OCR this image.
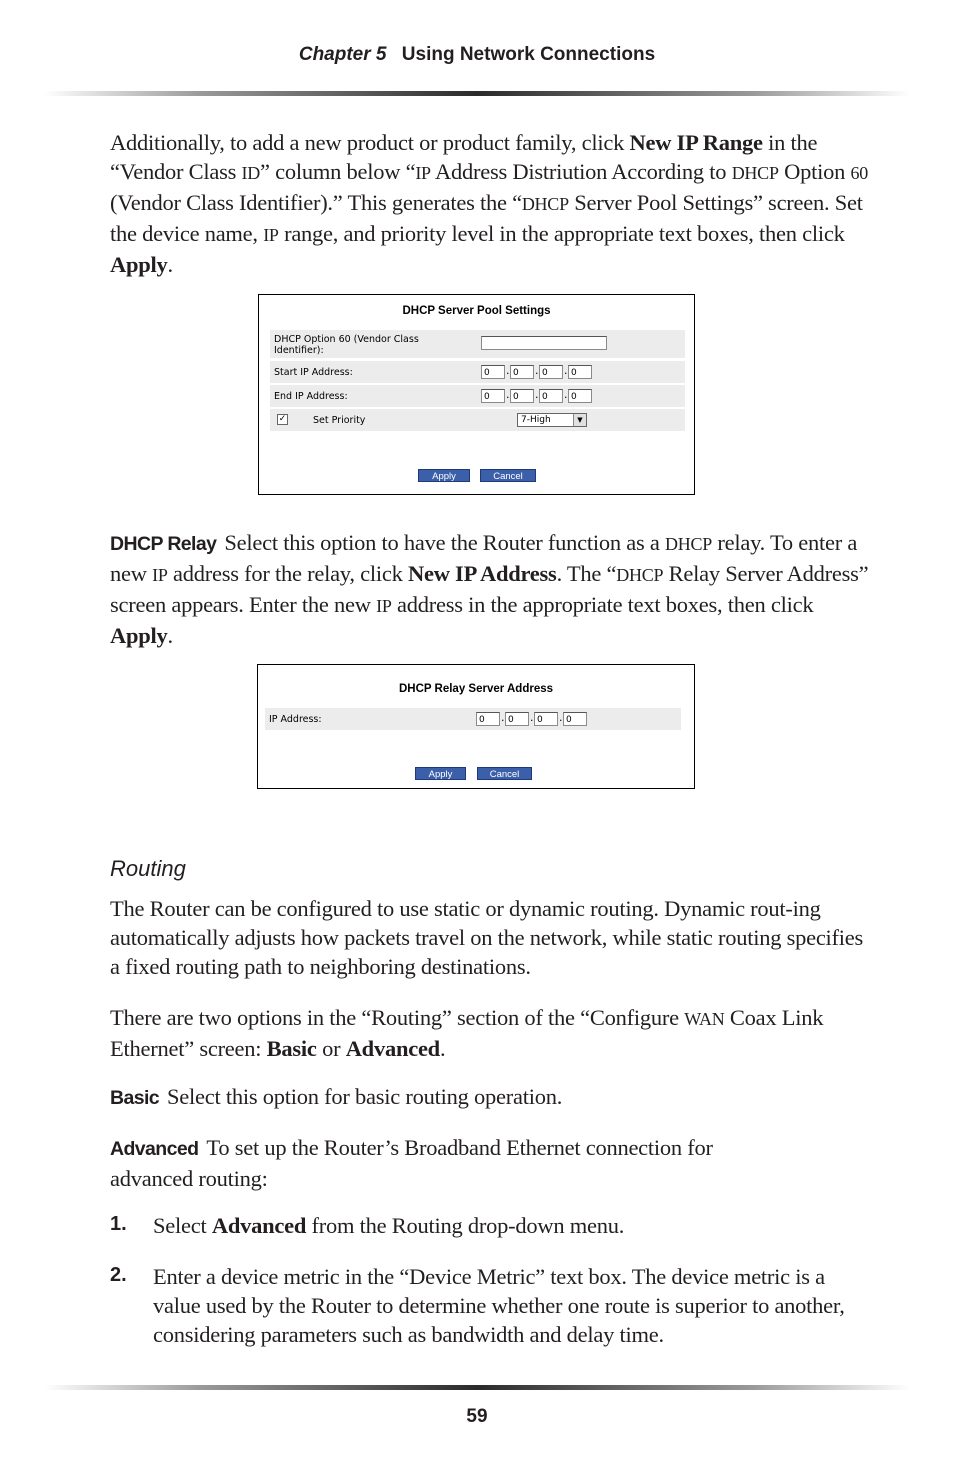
Chapter 5 Using Network Connections
Additionally, to add a new product or product family, click New IP Range in the “Vendor Class ID” column below “IP Address Distriution According to DHCP Option 60 (Vendor Class Identifier).” This generates the “DHCP Server Pool Settings” screen. Set the device name, IP range, and priority level in the appropriate text boxes, then click Apply.
DHCP Server Pool Settings
DHCP Option 60 (Vendor Class Identifier):
Start IP Address:	0	. 0	. 0	. 0
End IP Address:	0	. 0	. 0	. 0
✓	Set Priority	7-High	▼
Apply	Cancel
DHCP Relay Select this option to have the Router function as a DHCP relay. To enter a new IP address for the relay, click New IP Address. The “DHCP Relay Server Address” screen appears. Enter the new IP address in the appropriate text boxes, then click Apply.
DHCP Relay Server Address
IP Address:	0	. 0	. 0	. 0
Apply	Cancel
Routing
The Router can be configured to use static or dynamic routing. Dynamic rout-ing automatically adjusts how packets travel on the network, while static routing specifies a fixed routing path to neighboring destinations.
There are two options in the “Routing” section of the “Configure WAN Coax Link Ethernet” screen: Basic or Advanced.
Basic Select this option for basic routing operation.
Advanced To set up the Router’s Broadband Ethernet connection for advanced routing:
1. Select Advanced from the Routing drop-down menu.
2. Enter a device metric in the “Device Metric” text box. The device metric is a value used by the Router to determine whether one route is superior to another, considering parameters such as bandwidth and delay time.
59
